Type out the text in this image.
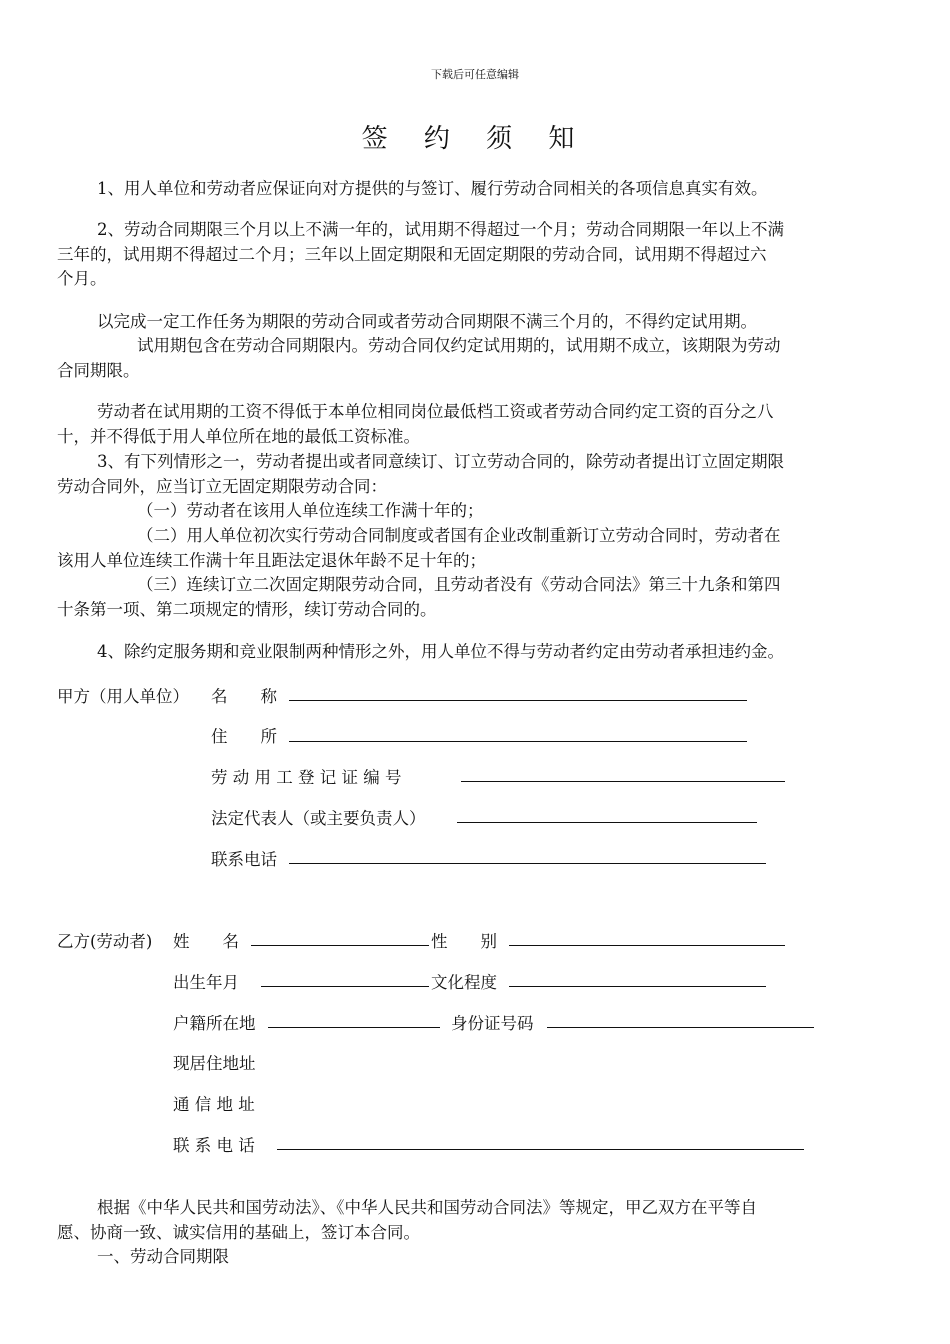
下载后可任意编辑
签 约 须 知
1、用人单位和劳动者应保证向对方提供的与签订、履行劳动合同相关的各项信息真实有效。
2、劳动合同期限三个月以上不满一年的，试用期不得超过一个月；劳动合同期限一年以上不满
三年的，试用期不得超过二个月；三年以上固定期限和无固定期限的劳动合同，试用期不得超过六
个月。
以完成一定工作任务为期限的劳动合同或者劳动合同期限不满三个月的，不得约定试用期。
试用期包含在劳动合同期限内。劳动合同仅约定试用期的，试用期不成立，该期限为劳动
合同期限。
劳动者在试用期的工资不得低于本单位相同岗位最低档工资或者劳动合同约定工资的百分之八
十，并不得低于用人单位所在地的最低工资标准。
3、有下列情形之一，劳动者提出或者同意续订、订立劳动合同的，除劳动者提出订立固定期限
劳动合同外，应当订立无固定期限劳动合同：
（一）劳动者在该用人单位连续工作满十年的；
（二）用人单位初次实行劳动合同制度或者国有企业改制重新订立劳动合同时，劳动者在
该用人单位连续工作满十年且距法定退休年龄不足十年的；
（三）连续订立二次固定期限劳动合同，且劳动者没有《劳动合同法》第三十九条和第四
十条第一项、第二项规定的情形，续订劳动合同的。
4、除约定服务期和竞业限制两种情形之外，用人单位不得与劳动者约定由劳动者承担违约金。
甲方（用人单位） 名　　称
住　　所
劳 动 用 工 登 记 证 编 号
法定代表人（或主要负责人）
联系电话
乙方(劳动者) 姓　　名	性　　别
出生年月	文化程度
户籍所在地	身份证号码
现居住地址
通 信 地 址
联 系 电 话
根据《中华人民共和国劳动法》、《中华人民共和国劳动合同法》等规定，甲乙双方在平等自
愿、协商一致、诚实信用的基础上，签订本合同。
一、劳动合同期限
